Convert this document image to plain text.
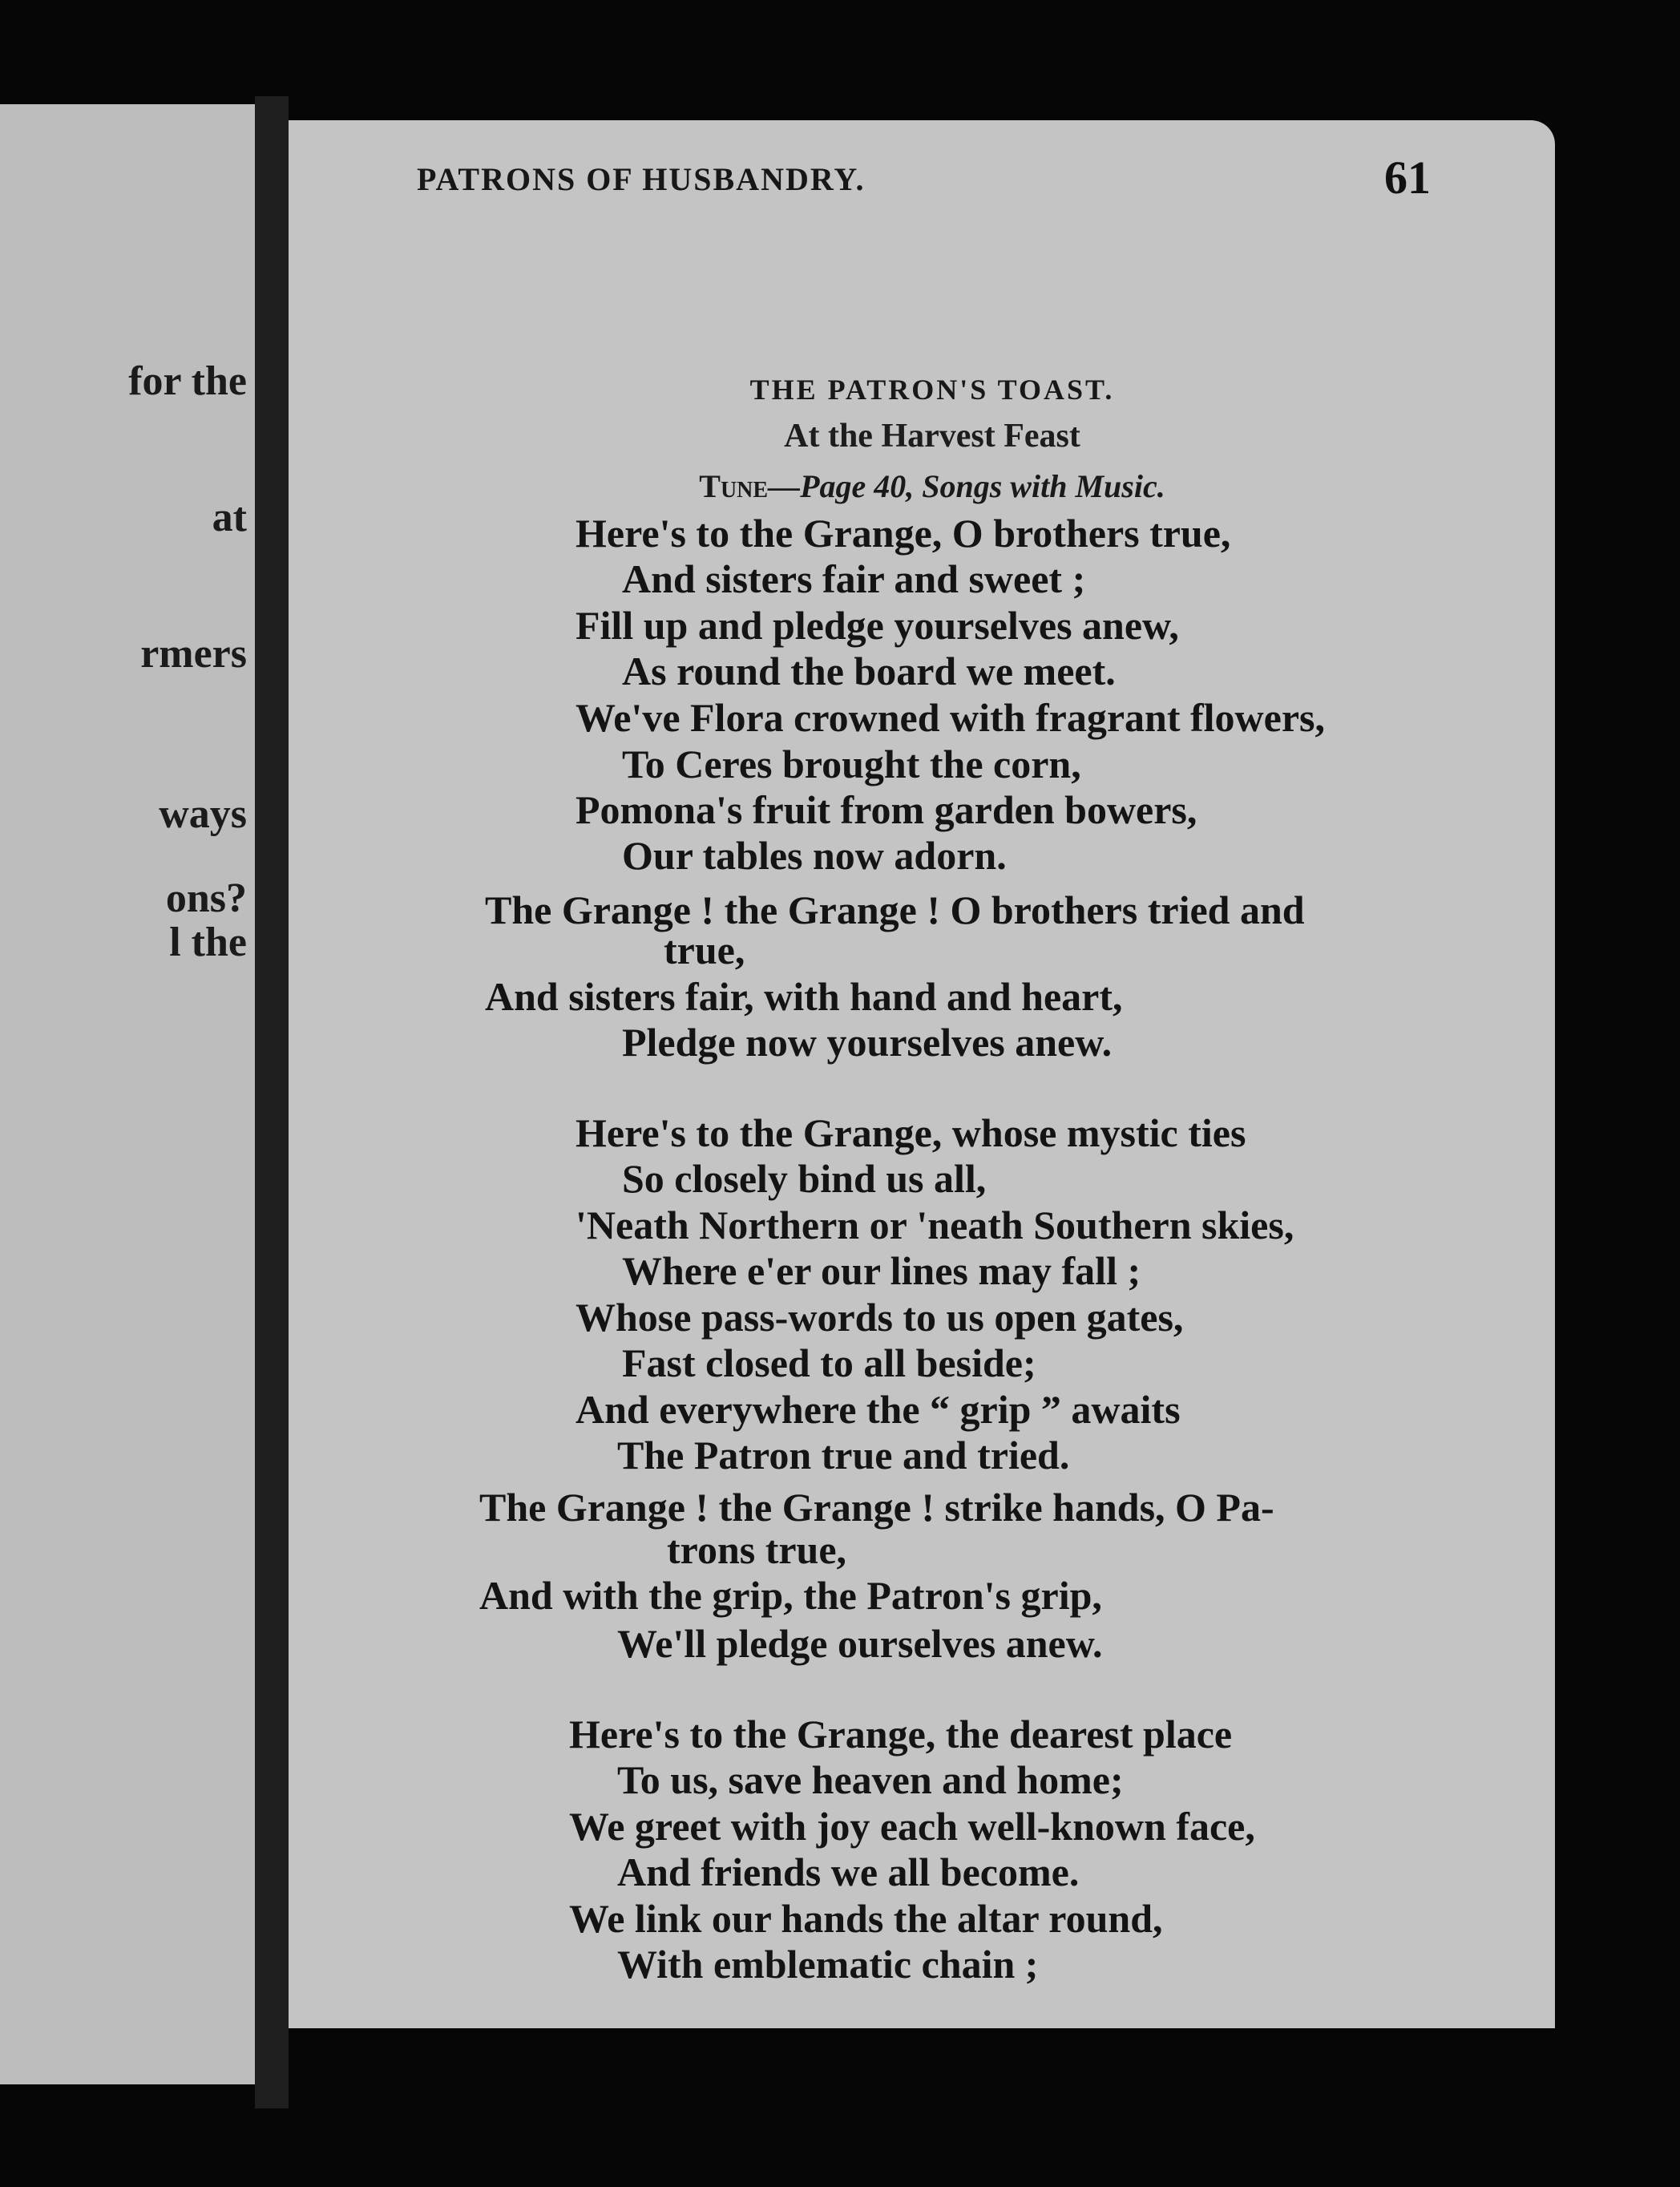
for the

at

rmers

ways

ons?

l the

PATRONS OF HUSBANDRY.	61
THE PATRON'S TOAST.
At the Harvest Feast
Tune—Page 40, Songs with Music.

Here's to the Grange, O brothers true,

And sisters fair and sweet ;

Fill up and pledge yourselves anew,

As round the board we meet.

We've Flora crowned with fragrant flowers,

To Ceres brought the corn,

Pomona's fruit from garden bowers,

Our tables now adorn.

The Grange ! the Grange ! O brothers tried and

true,

And sisters fair, with hand and heart,

Pledge now yourselves anew.

Here's to the Grange, whose mystic ties

So closely bind us all,

'Neath Northern or 'neath Southern skies,

Where e'er our lines may fall ;

Whose pass-words to us open gates,

Fast closed to all beside;

And everywhere the “ grip ” awaits

The Patron true and tried.

The Grange ! the Grange ! strike hands, O Pa-

trons true,

And with the grip, the Patron's grip,

We'll pledge ourselves anew.

Here's to the Grange, the dearest place

To us, save heaven and home;

We greet with joy each well-known face,

And friends we all become.

We link our hands the altar round,

With emblematic chain ;
